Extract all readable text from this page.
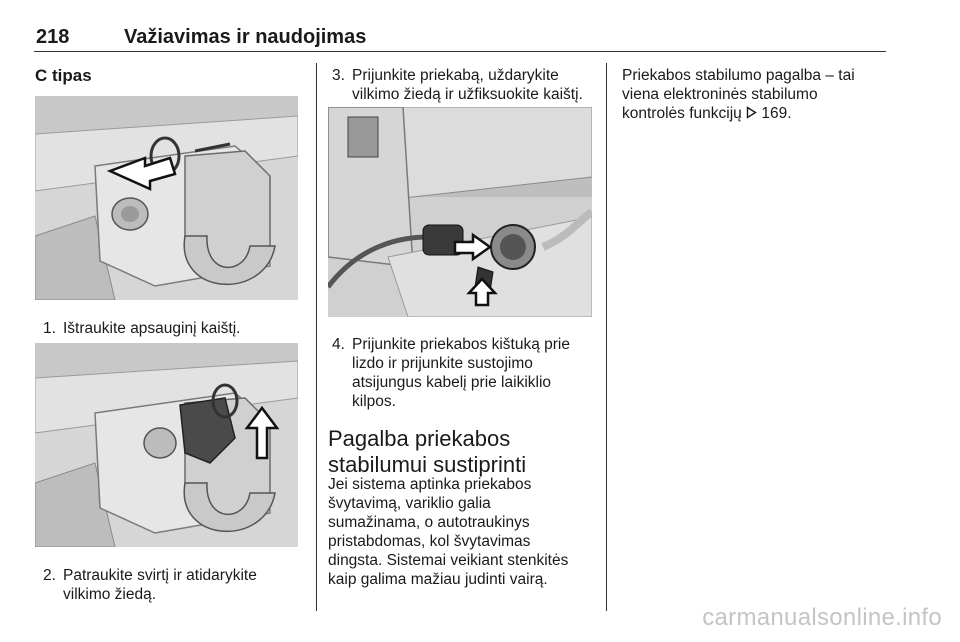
218	Važiavimas ir naudojimas
C tipas
1. Ištraukite apsauginį kaištį.
2. Patraukite svirtį ir atidarykite
vilkimo žiedą.
3. Prijunkite priekabą, uždarykite
vilkimo žiedą ir užfiksuokite kaištį.
4. Prijunkite priekabos kištuką prie
lizdo ir prijunkite sustojimo
atsijungus kabelį prie laikiklio
kilpos.
Pagalba priekabos
stabilumui sustiprinti
Jei sistema aptinka priekabos
švytavimą, variklio galia
sumažinama, o autotraukinys
pristabdomas, kol švytavimas
dingsta. Sistemai veikiant stenkitės
kaip galima mažiau judinti vairą.
Priekabos stabilumo pagalba – tai
viena elektroninės stabilumo
kontrolės funkcijų 169.
carmanualsonline.info
